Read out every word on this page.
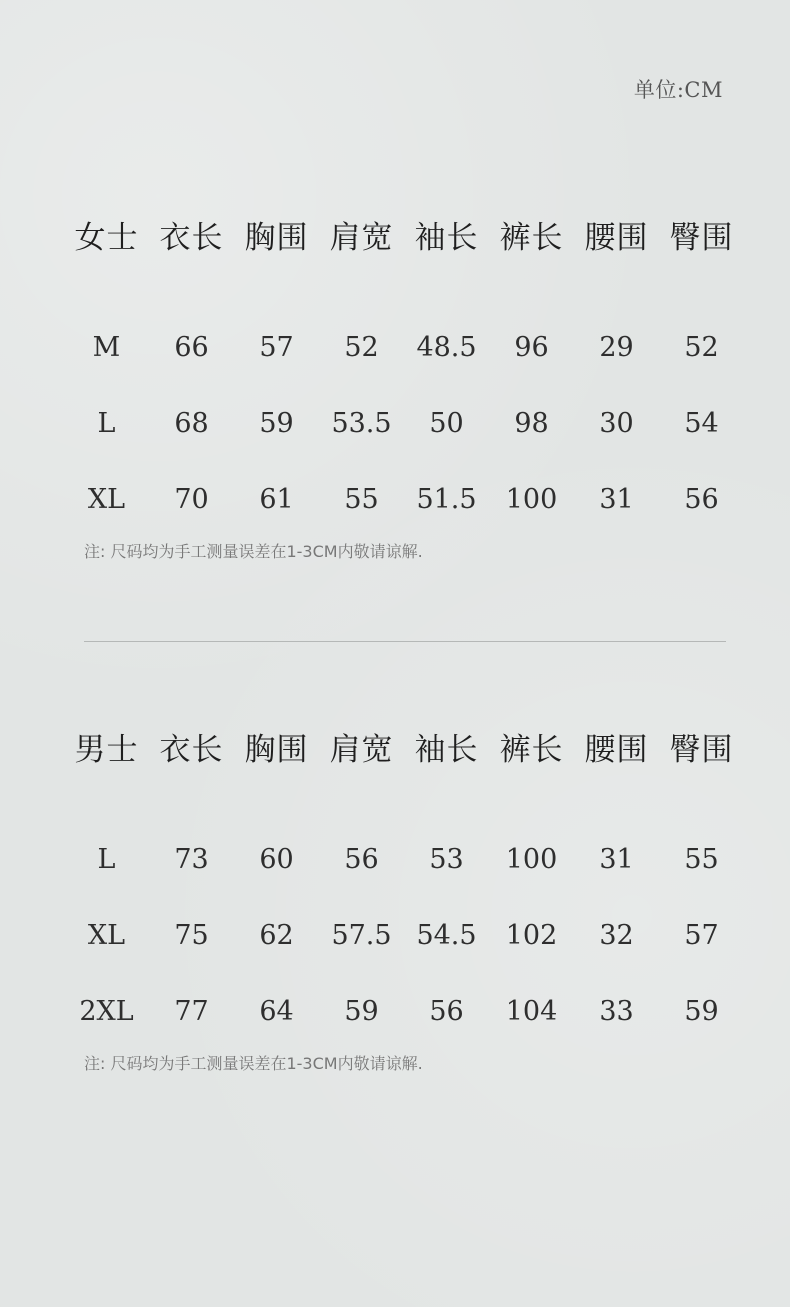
单位:CM
女士	衣长	胸围	肩宽	袖长	裤长	腰围	臀围
M	66	57	52	48.5	96	29	52
L	68	59	53.5	50	98	30	54
XL	70	61	55	51.5	100	31	56
注: 尺码均为手工测量误差在1-3CM内敬请谅解.
男士	衣长	胸围	肩宽	袖长	裤长	腰围	臀围
L	73	60	56	53	100	31	55
XL	75	62	57.5	54.5	102	32	57
2XL	77	64	59	56	104	33	59
注: 尺码均为手工测量误差在1-3CM内敬请谅解.
